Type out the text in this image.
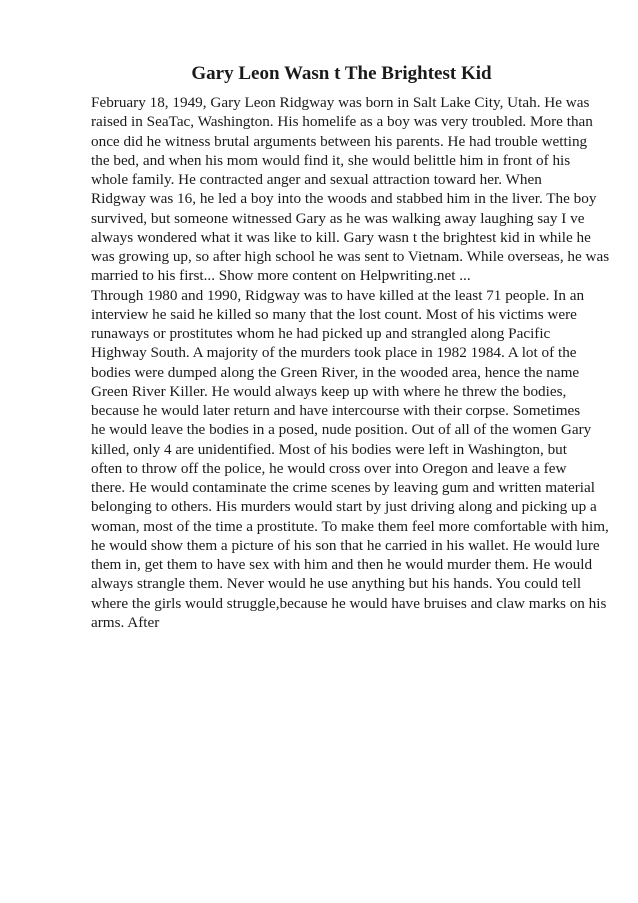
Gary Leon Wasn t The Brightest Kid
February 18, 1949, Gary Leon Ridgway was born in Salt Lake City, Utah. He was
raised in SeaTac, Washington. His homelife as a boy was very troubled. More than
once did he witness brutal arguments between his parents. He had trouble wetting
the bed, and when his mom would find it, she would belittle him in front of his
whole family. He contracted anger and sexual attraction toward her. When
Ridgway was 16, he led a boy into the woods and stabbed him in the liver. The boy
survived, but someone witnessed Gary as he was walking away laughing say I ve
always wondered what it was like to kill. Gary wasn t the brightest kid in while he
was growing up, so after high school he was sent to Vietnam. While overseas, he was
married to his first... Show more content on Helpwriting.net ...
Through 1980 and 1990, Ridgway was to have killed at the least 71 people. In an
interview he said he killed so many that the lost count. Most of his victims were
runaways or prostitutes whom he had picked up and strangled along Pacific
Highway South. A majority of the murders took place in 1982 1984. A lot of the
bodies were dumped along the Green River, in the wooded area, hence the name
Green River Killer. He would always keep up with where he threw the bodies,
because he would later return and have intercourse with their corpse. Sometimes
he would leave the bodies in a posed, nude position. Out of all of the women Gary
killed, only 4 are unidentified. Most of his bodies were left in Washington, but
often to throw off the police, he would cross over into Oregon and leave a few
there. He would contaminate the crime scenes by leaving gum and written material
belonging to others. His murders would start by just driving along and picking up a
woman, most of the time a prostitute. To make them feel more comfortable with him,
he would show them a picture of his son that he carried in his wallet. He would lure
them in, get them to have sex with him and then he would murder them. He would
always strangle them. Never would he use anything but his hands. You could tell
where the girls would struggle,because he would have bruises and claw marks on his
arms. After
